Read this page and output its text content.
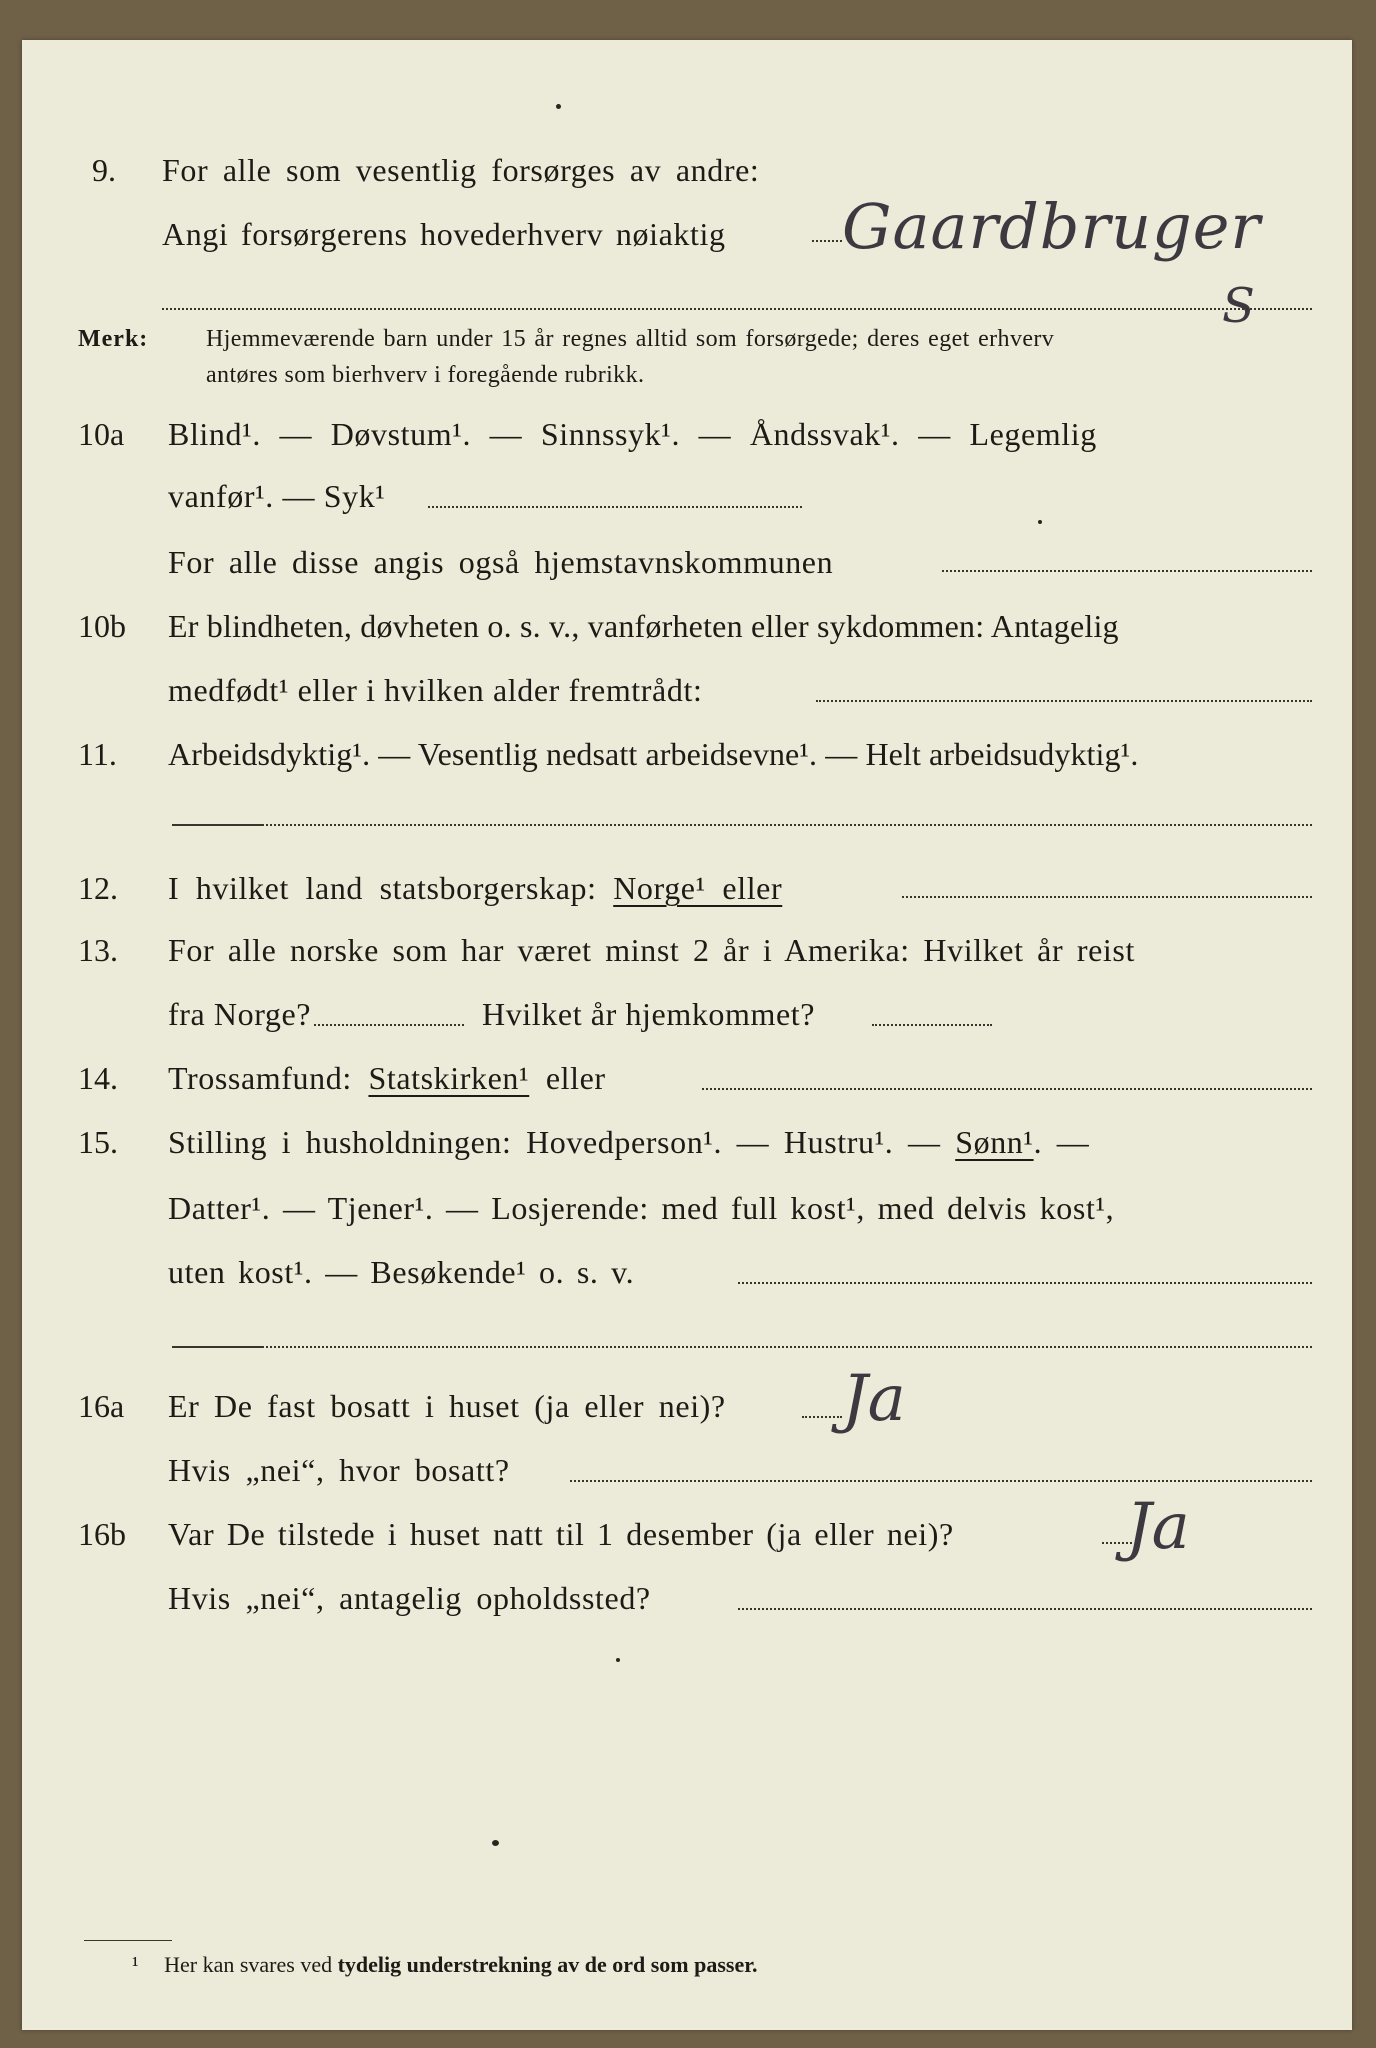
9. For alle som vesentlig forsørges av andre:
Angi forsørgerens hovederhverv nøiaktig Gaardbruger
S
Merk: Hjemmeværende barn under 15 år regnes alltid som forsørgede; deres eget erhverv
antøres som bierhverv i foregående rubrikk.
10a Blind¹. — Døvstum¹. — Sinnssyk¹. — Åndssvak¹. — Legemlig
vanfør¹. — Syk¹
For alle disse angis også hjemstavnskommunen
10b Er blindheten, døvheten o. s. v., vanførheten eller sykdommen: Antagelig
medfødt¹ eller i hvilken alder fremtrådt:
11. Arbeidsdyktig¹. — Vesentlig nedsatt arbeidsevne¹. — Helt arbeidsudyktig¹.
12. I hvilket land statsborgerskap: Norge¹ eller
13. For alle norske som har været minst 2 år i Amerika: Hvilket år reist
fra Norge?	Hvilket år hjemkommet?
14. Trossamfund: Statskirken¹ eller
15. Stilling i husholdningen: Hovedperson¹. — Hustru¹. — Sønn¹. —
Datter¹. — Tjener¹. — Losjerende: med full kost¹, med delvis kost¹,
uten kost¹. — Besøkende¹ o. s. v.
16a Er De fast bosatt i huset (ja eller nei)? Ja
Hvis „nei“, hvor bosatt?
16b Var De tilstede i huset natt til 1 desember (ja eller nei)?	Ja
Hvis „nei“, antagelig opholdssted?
¹ Her kan svares ved tydelig understrekning av de ord som passer.
